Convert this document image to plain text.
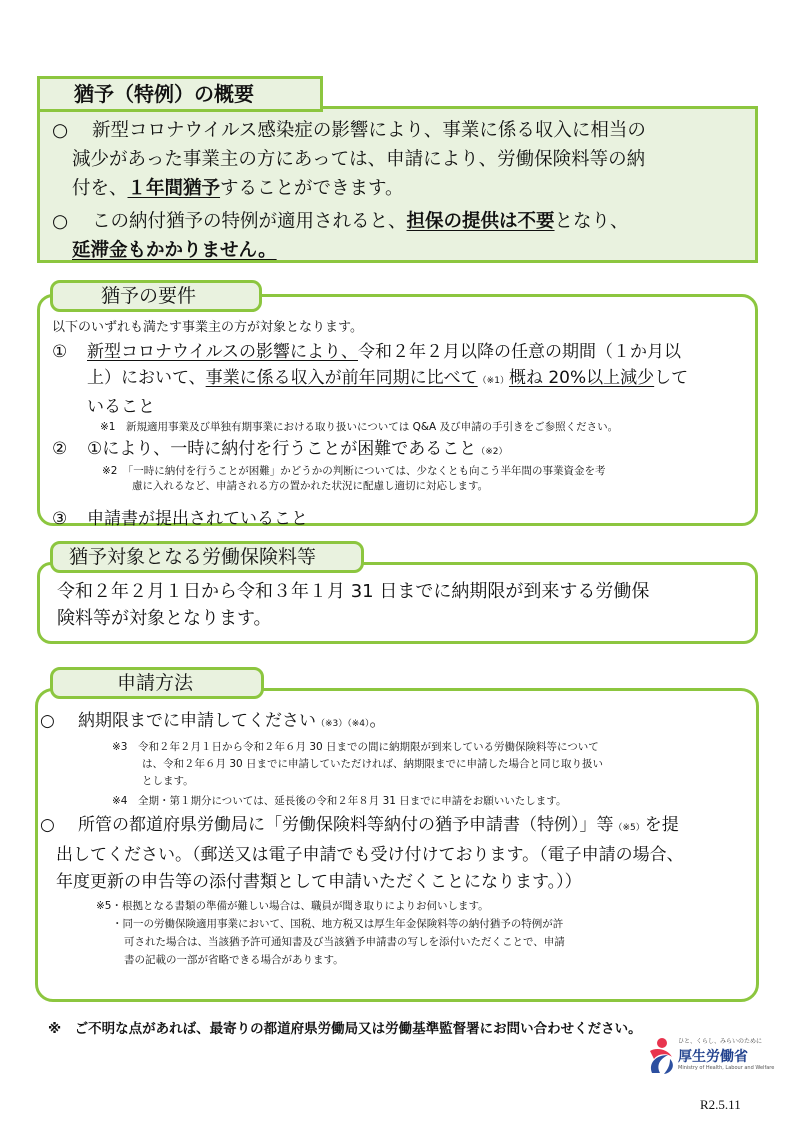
猶予（特例）の概要
○ 新型コロナウイルス感染症の影響により、事業に係る収入に相当の
減少があった事業主の方にあっては、申請により、労働保険料等の納
付を、１年間猶予することができます。
○ この納付猶予の特例が適用されると、担保の提供は不要となり、
延滞金もかかりません。
猶予の要件
以下のいずれも満たす事業主の方が対象となります。
① 新型コロナウイルスの影響により、令和２年２月以降の任意の期間（１か月以
上）において、事業に係る収入が前年同期に比べて（※1）概ね 20%以上減少して
いること
※1　新規適用事業及び単独有期事業における取り扱いについては Q&A 及び申請の手引きをご参照ください。
② ①により、一時に納付を行うことが困難であること（※2）
※2　「一時に納付を行うことが困難」かどうかの判断については、少なくとも向こう半年間の事業資金を考
慮に入れるなど、申請される方の置かれた状況に配慮し適切に対応します。
③ 申請書が提出されていること
猶予対象となる労働保険料等
令和２年２月１日から令和３年１月 31 日までに納期限が到来する労働保
険料等が対象となります。
申請方法
○ 納期限までに申請してください（※3）（※4）。
※3　令和２年２月１日から令和２年６月 30 日までの間に納期限が到来している労働保険料等について
は、令和２年６月 30 日までに申請していただければ、納期限までに申請した場合と同じ取り扱い
とします。
※4　全期・第１期分については、延長後の令和２年８月 31 日までに申請をお願いいたします。
○ 所管の都道府県労働局に「労働保険料等納付の猶予申請書（特例）」等（※5）を提
出してください。（郵送又は電子申請でも受け付けております。（電子申請の場合、
年度更新の申告等の添付書類として申請いただくことになります。））
※5・根拠となる書類の準備が難しい場合は、職員が聞き取りによりお伺いします。
・同一の労働保険適用事業において、国税、地方税又は厚生年金保険料等の納付猶予の特例が許
可された場合は、当該猶予許可通知書及び当該猶予申請書の写しを添付いただくことで、申請
書の記載の一部が省略できる場合があります。
※　ご不明な点があれば、最寄りの都道府県労働局又は労働基準監督署にお問い合わせください。
ひと、くらし、みらいのために
厚生労働省
Ministry of Health, Labour and Welfare
R2.5.11
